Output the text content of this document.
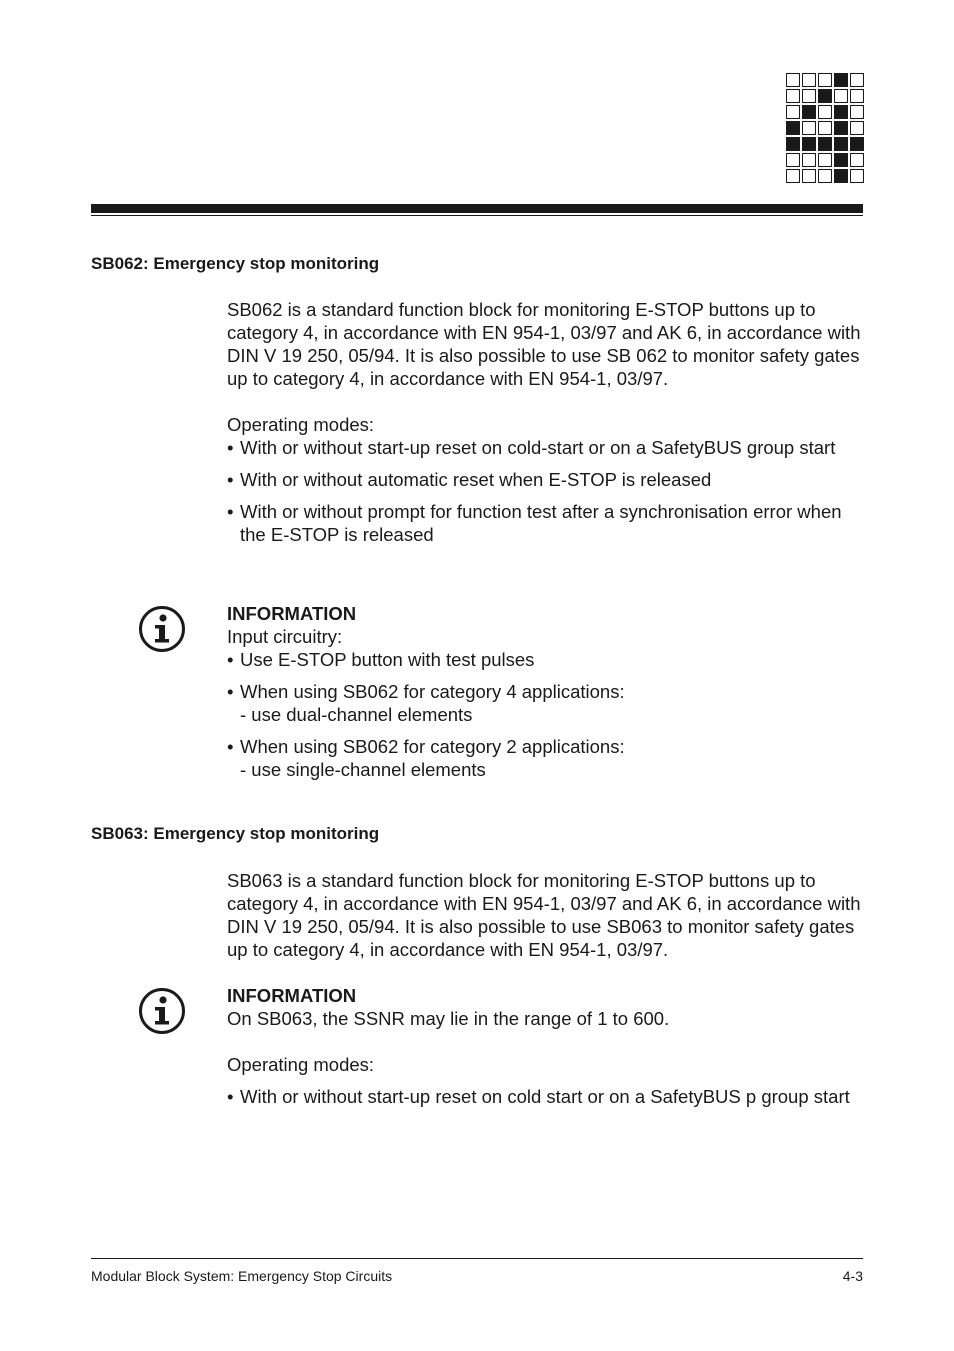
SB062: Emergency stop monitoring

SB062 is a standard function block for monitoring E-STOP buttons up to category 4, in accordance with EN 954-1, 03/97 and AK 6, in accordance with DIN V 19 250, 05/94. It is also possible to use SB 062 to monitor safety gates up to category 4, in accordance with EN 954-1, 03/97.

Operating modes:

• With or without start-up reset on cold-start or on a SafetyBUS group start
• With or without automatic reset when E-STOP is released
• With or without prompt for function test after a synchronisation error when the E-STOP is released

INFORMATION

Input circuitry:

• Use E-STOP button with test pulses
• When using SB062 for category 4 applications:

- use dual-channel elements

• When using SB062 for category 2 applications:

- use single-channel elements

SB063: Emergency stop monitoring

SB063 is a standard function block for monitoring E-STOP buttons up to category 4, in accordance with EN 954-1, 03/97 and AK 6, in accordance with DIN V 19 250, 05/94. It is also possible to use SB063 to monitor safety gates up to category 4, in accordance with EN 954-1, 03/97.

INFORMATION

On SB063, the SSNR may lie in the range of 1 to 600.

Operating modes:

• With or without start-up reset on cold start or on a SafetyBUS p group start
Modular Block System: Emergency Stop Circuits	4-3
